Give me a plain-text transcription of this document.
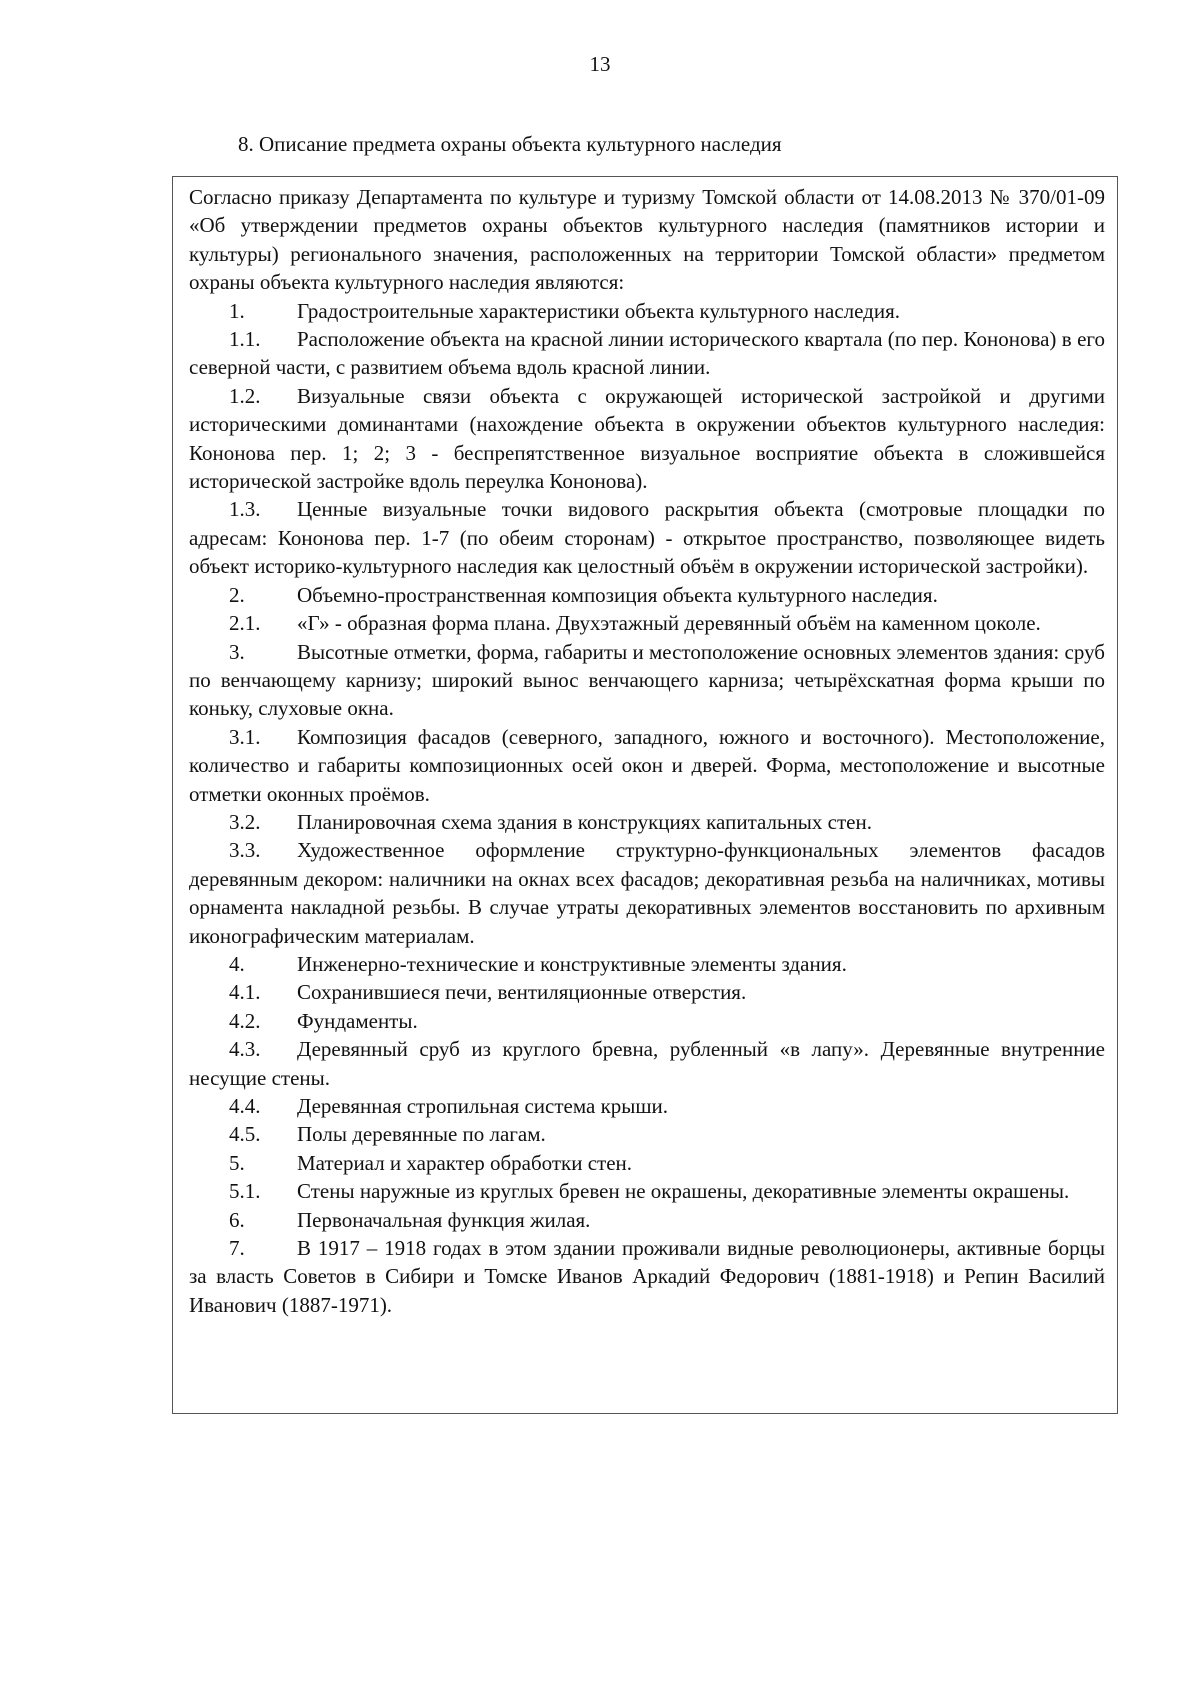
13
8. Описание предмета охраны объекта культурного наследия

Согласно приказу Департамента по культуре и туризму Томской области от 14.08.2013 № 370/01-09 «Об утверждении предметов охраны объектов культурного наследия (памятников истории и культуры) регионального значения, расположенных на территории Томской области» предметом охраны объекта культурного наследия являются:

1. Градостроительные характеристики объекта культурного наследия.

1.1. Расположение объекта на красной линии исторического квартала (по пер. Кононова) в его северной части, с развитием объема вдоль красной линии.

1.2. Визуальные связи объекта с окружающей исторической застройкой и другими историческими доминантами (нахождение объекта в окружении объектов культурного наследия: Кононова пер. 1; 2; 3 - беспрепятственное визуальное восприятие объекта в сложившейся исторической застройке вдоль переулка Кононова).

1.3. Ценные визуальные точки видового раскрытия объекта (смотровые площадки по адресам: Кононова пер. 1-7 (по обеим сторонам) - открытое пространство, позволяющее видеть объект историко-культурного наследия как целостный объём в окружении исторической застройки).

2. Объемно-пространственная композиция объекта культурного наследия.

2.1. «Г» - образная форма плана. Двухэтажный деревянный объём на каменном цоколе.

3. Высотные отметки, форма, габариты и местоположение основных элементов здания: сруб по венчающему карнизу; широкий вынос венчающего карниза; четырёхскатная форма крыши по коньку, слуховые окна.

3.1. Композиция фасадов (северного, западного, южного и восточного). Местоположение, количество и габариты композиционных осей окон и дверей. Форма, местоположение и высотные отметки оконных проёмов.

3.2. Планировочная схема здания в конструкциях капитальных стен.

3.3. Художественное оформление структурно-функциональных элементов фасадов деревянным декором: наличники на окнах всех фасадов; декоративная резьба на наличниках, мотивы орнамента накладной резьбы. В случае утраты декоративных элементов восстановить по архивным иконографическим материалам.

4. Инженерно-технические и конструктивные элементы здания.

4.1. Сохранившиеся печи, вентиляционные отверстия.

4.2. Фундаменты.

4.3. Деревянный сруб из круглого бревна, рубленный «в лапу». Деревянные внутренние несущие стены.

4.4. Деревянная стропильная система крыши.

4.5. Полы деревянные по лагам.

5. Материал и характер обработки стен.

5.1. Стены наружные из круглых бревен не окрашены, декоративные элементы окрашены.

6. Первоначальная функция жилая.

7. В 1917 – 1918 годах в этом здании проживали видные революционеры, активные борцы за власть Советов в Сибири и Томске Иванов Аркадий Федорович (1881-1918) и Репин Василий Иванович (1887-1971).
